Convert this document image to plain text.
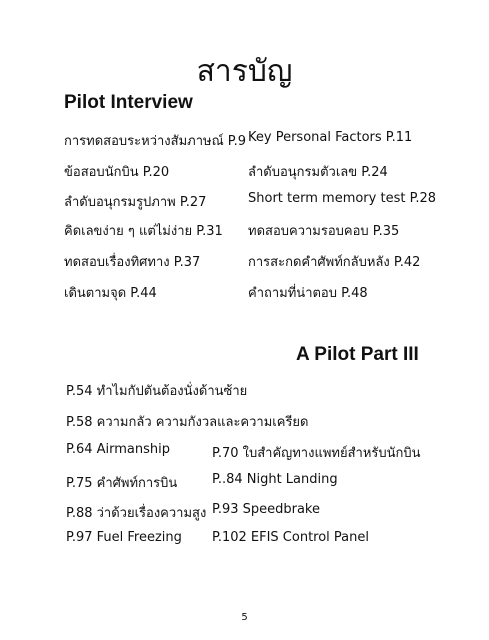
สารบัญ
Pilot Interview
การทดสอบระหว่างสัมภาษณ์ P.9 Key Personal Factors P.11
ข้อสอบนักบิน P.20	ลำดับอนุกรมตัวเลข P.24
ลำดับอนุกรมรูปภาพ P.27	Short term memory test P.28
คิดเลขง่าย ๆ แต่ไม่ง่าย P.31 ทดสอบความรอบคอบ P.35
ทดสอบเรื่องทิศทาง P.37	การสะกดคำศัพท์กลับหลัง P.42
เดินตามจุด P.44	คำถามที่น่าตอบ P.48
A Pilot Part III
P.54 ทำไมกัปตันต้องนั่งด้านซ้าย
P.58 ความกลัว ความกังวลและความเครียด
P.64 Airmanship	P.70 ใบสำคัญทางแพทย์สำหรับนักบิน
P.75 คำศัพท์การบิน	P..84 Night Landing
P.88 ว่าด้วยเรื่องความสูง P.93 Speedbrake
P.97 Fuel Freezing P.102 EFIS Control Panel
5
